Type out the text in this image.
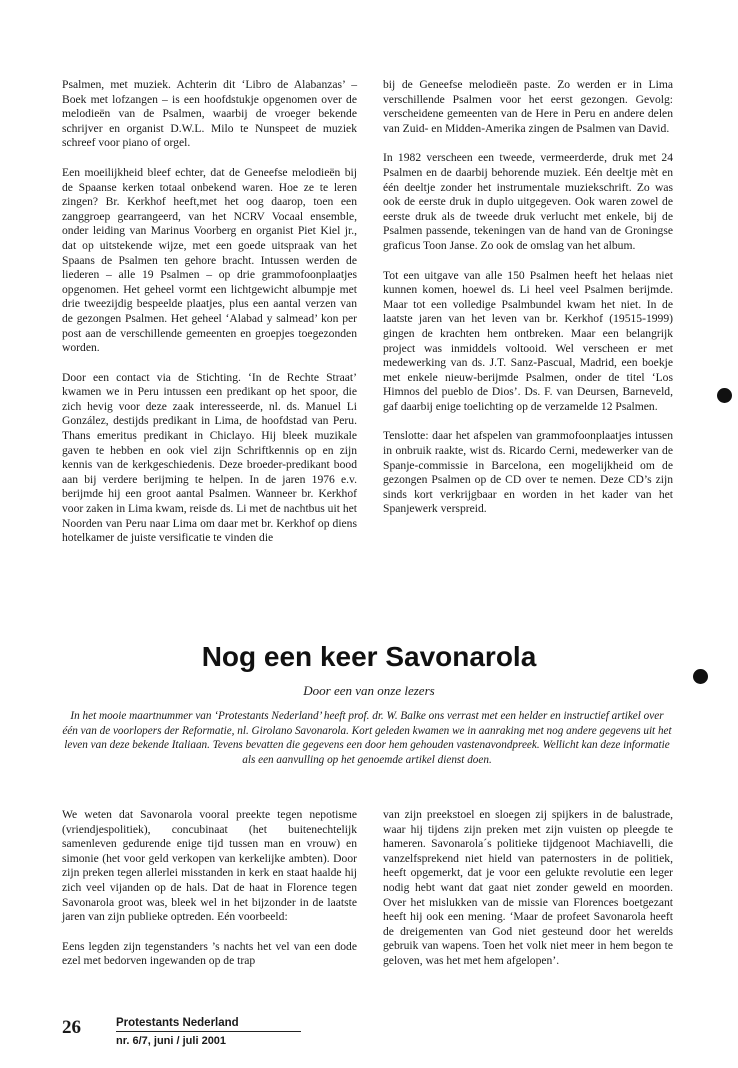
Psalmen, met muziek. Achterin dit ‘Libro de Alabanzas’ – Boek met lofzangen – is een hoofdstukje opgenomen over de melodieën van de Psalmen, waarbij de vroeger bekende schrijver en organist D.W.L. Milo te Nunspeet de muziek schreef voor piano of orgel.

Een moeilijkheid bleef echter, dat de Geneefse melodieën bij de Spaanse kerken totaal onbekend waren. Hoe ze te leren zingen? Br. Kerkhof heeft,met het oog daarop, toen een zanggroep gearrangeerd, van het NCRV Vocaal ensemble, onder leiding van Marinus Voorberg en organist Piet Kiel jr., dat op uitstekende wijze, met een goede uitspraak van het Spaans de Psalmen ten gehore bracht. Intussen werden de liederen – alle 19 Psalmen – op drie grammofoonplaatjes opgenomen. Het geheel vormt een lichtgewicht albumpje met drie tweezijdig bespeelde plaatjes, plus een aantal verzen van de gezongen Psalmen. Het geheel ‘Alabad y salmead’ kon per post aan de verschillende gemeenten en groepjes toegezonden worden.

Door een contact via de Stichting. ‘In de Rechte Straat’ kwamen we in Peru intussen een predikant op het spoor, die zich hevig voor deze zaak interesseerde, nl. ds. Manuel Li González, destijds predikant in Lima, de hoofdstad van Peru. Thans emeritus predikant in Chiclayo. Hij bleek muzikale gaven te hebben en ook viel zijn Schriftkennis op en zijn kennis van de kerkgeschiedenis. Deze broeder-predikant bood aan bij verdere berijming te helpen. In de jaren 1976 e.v. berijmde hij een groot aantal Psalmen. Wanneer br. Kerkhof voor zaken in Lima kwam, reisde ds. Li met de nachtbus uit het Noorden van Peru naar Lima om daar met br. Kerkhof op diens hotelkamer de juiste versificatie te vinden die

bij de Geneefse melodieën paste. Zo werden er in Lima verschillende Psalmen voor het eerst gezongen. Gevolg: verscheidene gemeenten van de Here in Peru en andere delen van Zuid- en Midden-Amerika zingen de Psalmen van David.

In 1982 verscheen een tweede, vermeerderde, druk met 24 Psalmen en de daarbij behorende muziek. Eén deeltje mèt en één deeltje zonder het instrumentale muziekschrift. Zo was ook de eerste druk in duplo uitgegeven. Ook waren zowel de eerste druk als de tweede druk verlucht met enkele, bij de Psalmen passende, tekeningen van de hand van de Groningse graficus Toon Janse. Zo ook de omslag van het album.

Tot een uitgave van alle 150 Psalmen heeft het helaas niet kunnen komen, hoewel ds. Li heel veel Psalmen berijmde. Maar tot een volledige Psalmbundel kwam het niet. In de laatste jaren van het leven van br. Kerkhof (19515-1999) gingen de krachten hem ontbreken. Maar een belangrijk project was inmiddels voltooid. Wel verscheen er met medewerking van ds. J.T. Sanz-Pascual, Madrid, een boekje met enkele nieuw-berijmde Psalmen, onder de titel ‘Los Himnos del pueblo de Dios’. Ds. F. van Deursen, Barneveld, gaf daarbij enige toelichting op de verzamelde 12 Psalmen.

Tenslotte: daar het afspelen van grammofoonplaatjes intussen in onbruik raakte, wist ds. Ricardo Cerni, medewerker van de Spanje-commissie in Barcelona, een mogelijkheid om de gezongen Psalmen op de CD over te nemen. Deze CD’s zijn sinds kort verkrijgbaar en worden in het kader van het Spanjewerk verspreid.

Nog een keer Savonarola

Door een van onze lezers

In het mooie maartnummer van ‘Protestants Nederland’ heeft prof. dr. W. Balke ons verrast met een helder en instructief artikel over één van de voorlopers der Reformatie, nl. Girolano Savonarola. Kort geleden kwamen we in aanraking met nog andere gegevens uit het leven van deze bekende Italiaan. Tevens bevatten die gegevens een door hem gehouden vastenavondpreek. Wellicht kan deze informatie als een aanvulling op het genoemde artikel dienst doen.

We weten dat Savonarola vooral preekte tegen nepotisme (vriendjespolitiek), concubinaat (het buitenechtelijk samenleven gedurende enige tijd tussen man en vrouw) en simonie (het voor geld verkopen van kerkelijke ambten). Door zijn preken tegen allerlei misstanden in kerk en staat haalde hij zich veel vijanden op de hals. Dat de haat in Florence tegen Savonarola groot was, bleek wel in het bijzonder in de laatste jaren van zijn publieke optreden. Eén voorbeeld:

Eens legden zijn tegenstanders ’s nachts het vel van een dode ezel met bedorven ingewanden op de trap

van zijn preekstoel en sloegen zij spijkers in de balustrade, waar hij tijdens zijn preken met zijn vuisten op pleegde te hameren. Savonarola´s politieke tijdgenoot Machiavelli, die vanzelfsprekend niet hield van paternosters in de politiek, heeft opgemerkt, dat je voor een gelukte revolutie een leger nodig hebt want dat gaat niet zonder geweld en moorden. Over het mislukken van de missie van Florences boetgezant heeft hij ook een mening. ‘Maar de profeet Savonarola heeft de dreigementen van God niet gesteund door het werelds gebruik van wapens. Toen het volk niet meer in hem begon te geloven, was het met hem afgelopen’.

26	Protestants Nederland
nr. 6/7, juni / juli 2001
